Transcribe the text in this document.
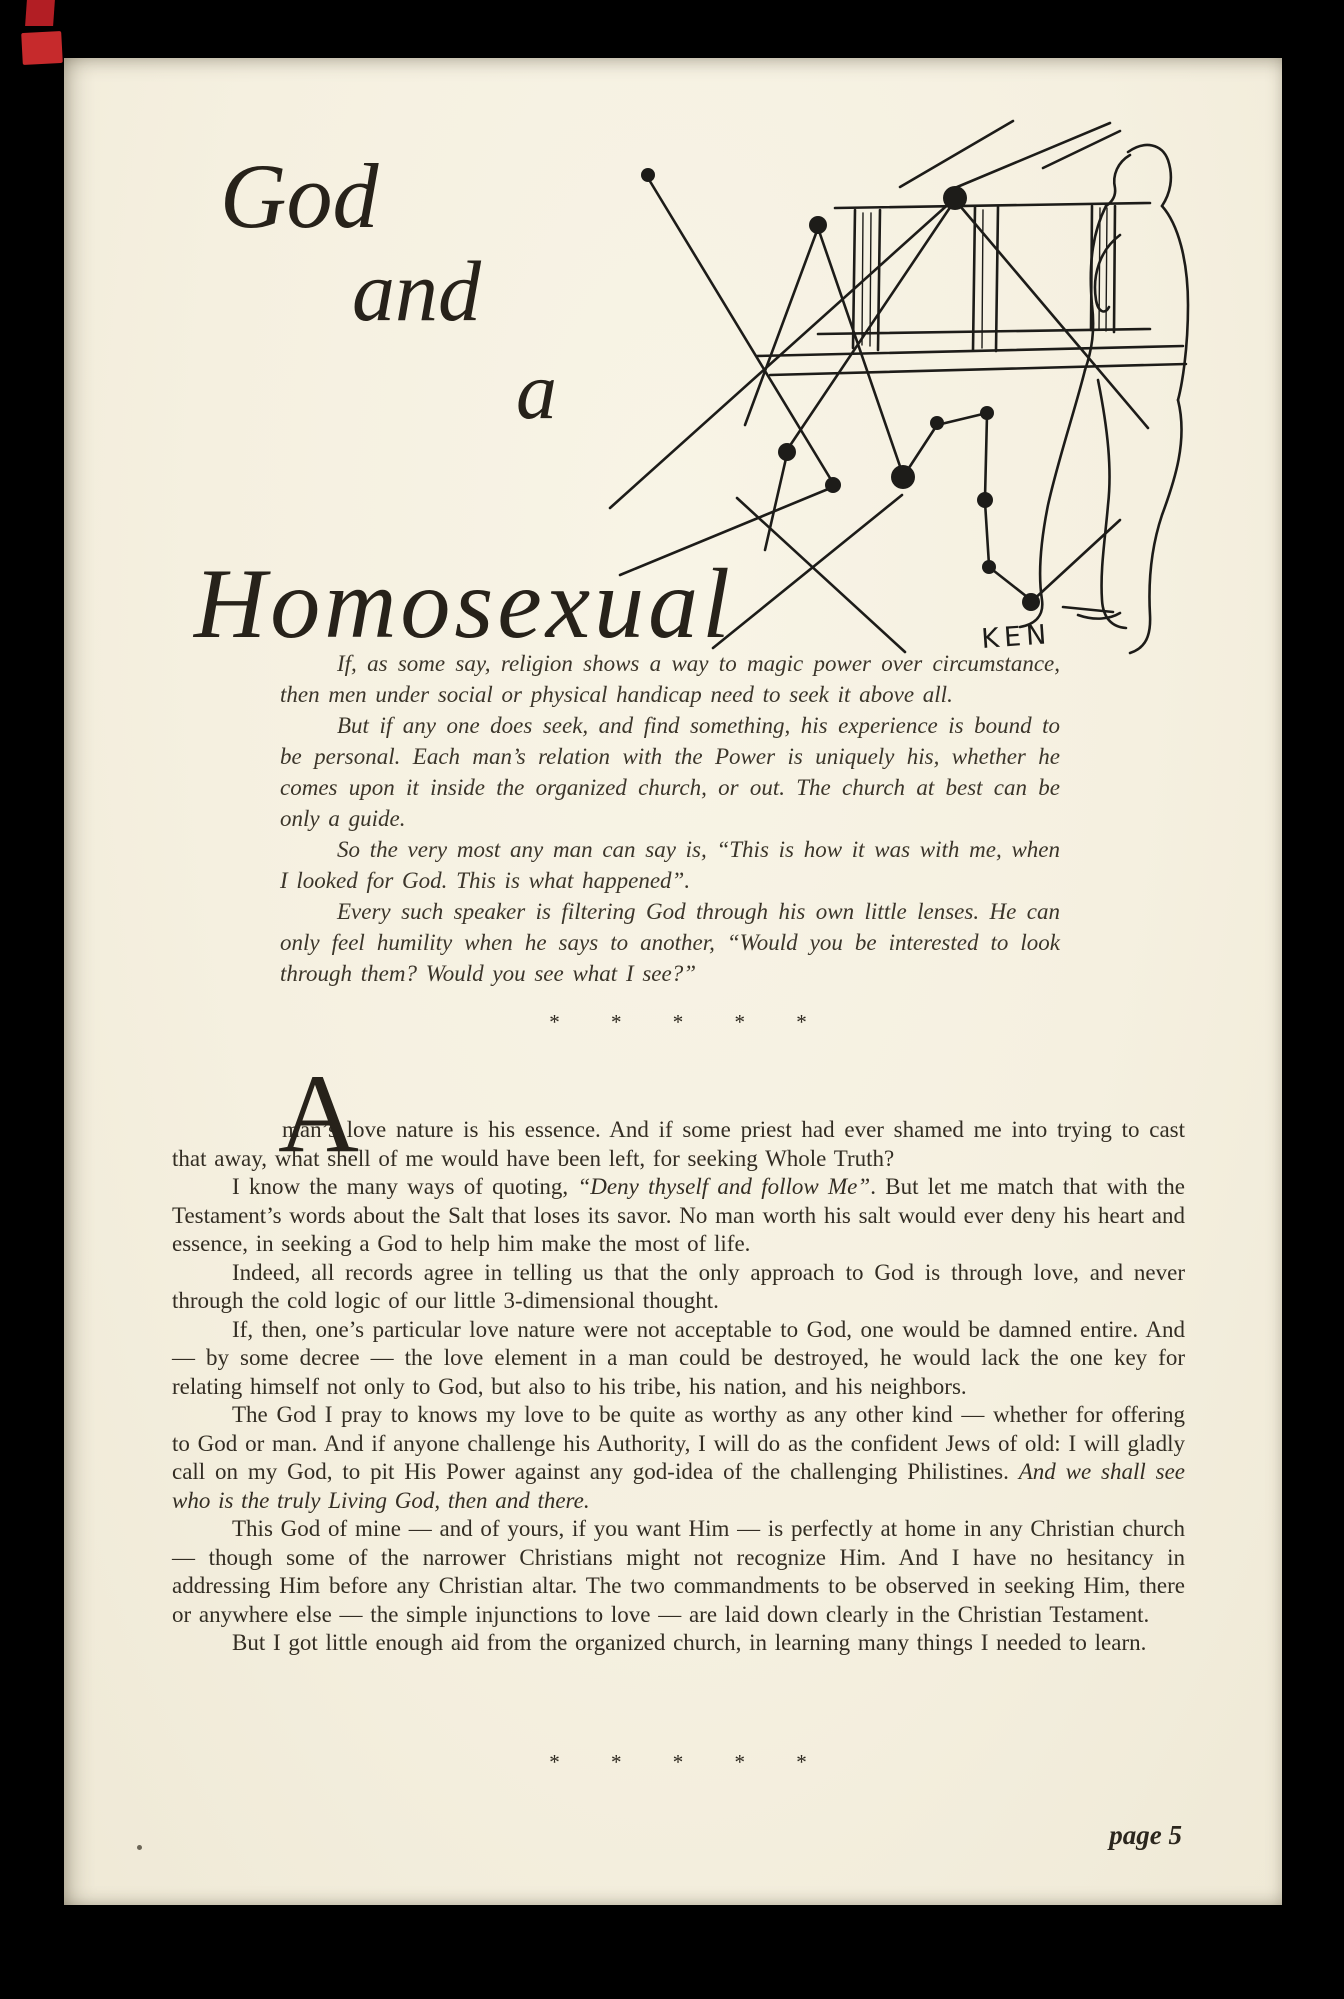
God
and
a
Homosexual	KEN

If, as some say, religion shows a way to magic power over circumstance, then men under social or physical handicap need to seek it above all.

But if any one does seek, and find something, his experience is bound to be personal. Each man’s relation with the Power is uniquely his, whether he comes upon it inside the organized church, or out. The church at best can be only a guide.

So the very most any man can say is, “This is how it was with me, when I looked for God. This is what happened”.

Every such speaker is filtering God through his own little lenses. He can only feel humility when he says to another, “Would you be interested to look through them? Would you see what I see?”

* * * * *

A
man’s love nature is his essence. And if some priest had ever shamed me into trying to cast that away, what shell of me would have been left, for seeking Whole Truth?

I know the many ways of quoting, “Deny thyself and follow Me”. But let me match that with the Testament’s words about the Salt that loses its savor. No man worth his salt would ever deny his heart and essence, in seeking a God to help him make the most of life.

Indeed, all records agree in telling us that the only approach to God is through love, and never through the cold logic of our little 3-dimensional thought.

If, then, one’s particular love nature were not acceptable to God, one would be damned entire. And — by some decree — the love element in a man could be destroyed, he would lack the one key for relating himself not only to God, but also to his tribe, his nation, and his neighbors.

The God I pray to knows my love to be quite as worthy as any other kind — whether for offering to God or man. And if anyone challenge his Authority, I will do as the confident Jews of old: I will gladly call on my God, to pit His Power against any god-idea of the challenging Philistines. And we shall see who is the truly Living God, then and there.

This God of mine — and of yours, if you want Him — is perfectly at home in any Christian church — though some of the narrower Christians might not recognize Him. And I have no hesitancy in addressing Him before any Christian altar. The two commandments to be observed in seeking Him, there or anywhere else — the simple injunctions to love — are laid down clearly in the Christian Testament.

But I got little enough aid from the organized church, in learning many things I needed to learn.

* * * * *
page 5
